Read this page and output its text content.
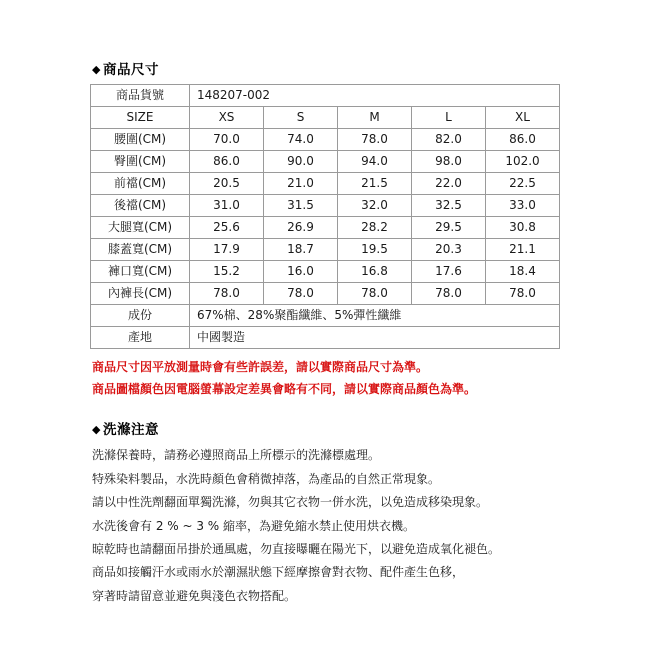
◆ 商品尺寸
商品貨號	148207-002				
SIZE	XS	S	M	L	XL
腰圍(CM)	70.0	74.0	78.0	82.0	86.0
臀圍(CM)	86.0	90.0	94.0	98.0	102.0
前襠(CM)	20.5	21.0	21.5	22.0	22.5
後襠(CM)	31.0	31.5	32.0	32.5	33.0
大腿寬(CM)	25.6	26.9	28.2	29.5	30.8
膝蓋寬(CM)	17.9	18.7	19.5	20.3	21.1
褲口寬(CM)	15.2	16.0	16.8	17.6	18.4
內褲長(CM)	78.0	78.0	78.0	78.0	78.0
成份	67%棉、28%聚酯纖維、5%彈性纖維				
產地	中國製造				
商品尺寸因平放測量時會有些許誤差，請以實際商品尺寸為準。
商品圖檔顏色因電腦螢幕設定差異會略有不同，請以實際商品顏色為準。
◆ 洗滌注意
洗滌保養時，請務必遵照商品上所標示的洗滌標處理。
特殊染料製品，水洗時顏色會稍微掉落，為產品的自然正常現象。
請以中性洗劑翻面單獨洗滌，勿與其它衣物一併水洗，以免造成移染現象。
水洗後會有 2 % ~ 3 % 縮率，為避免縮水禁止使用烘衣機。
晾乾時也請翻面吊掛於通風處，勿直接曝曬在陽光下，以避免造成氧化褪色。
商品如接觸汗水或雨水於潮濕狀態下經摩擦會對衣物、配件產生色移，
穿著時請留意並避免與淺色衣物搭配。
